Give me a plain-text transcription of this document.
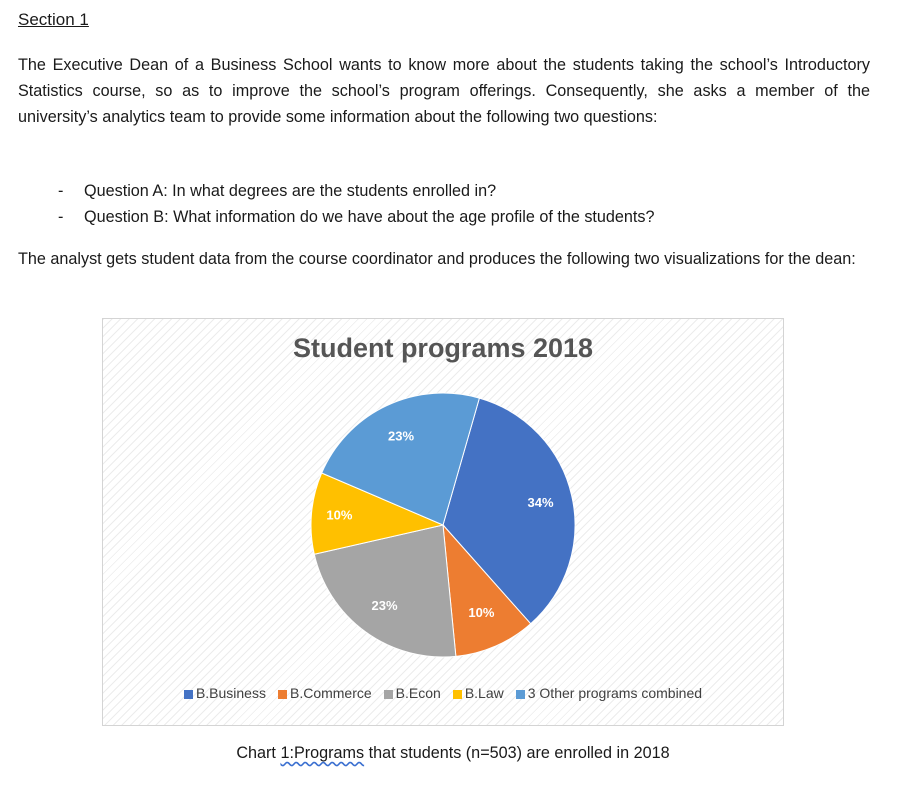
Section 1
The Executive Dean of a Business School wants to know more about the students taking the school’s Introductory Statistics course, so as to improve the school’s program offerings. Consequently, she asks a member of the university’s analytics team to provide some information about the following two questions:
- Question A: In what degrees are the students enrolled in?
- Question B: What information do we have about the age profile of the students?
The analyst gets student data from the course coordinator and produces the following two visualizations for the dean:
Student programs 2018
34%
10%
23%
10%
23%
B.Business B.Commerce B.Econ B.Law 3 Other programs combined
Chart 1:Programs that students (n=503) are enrolled in 2018
